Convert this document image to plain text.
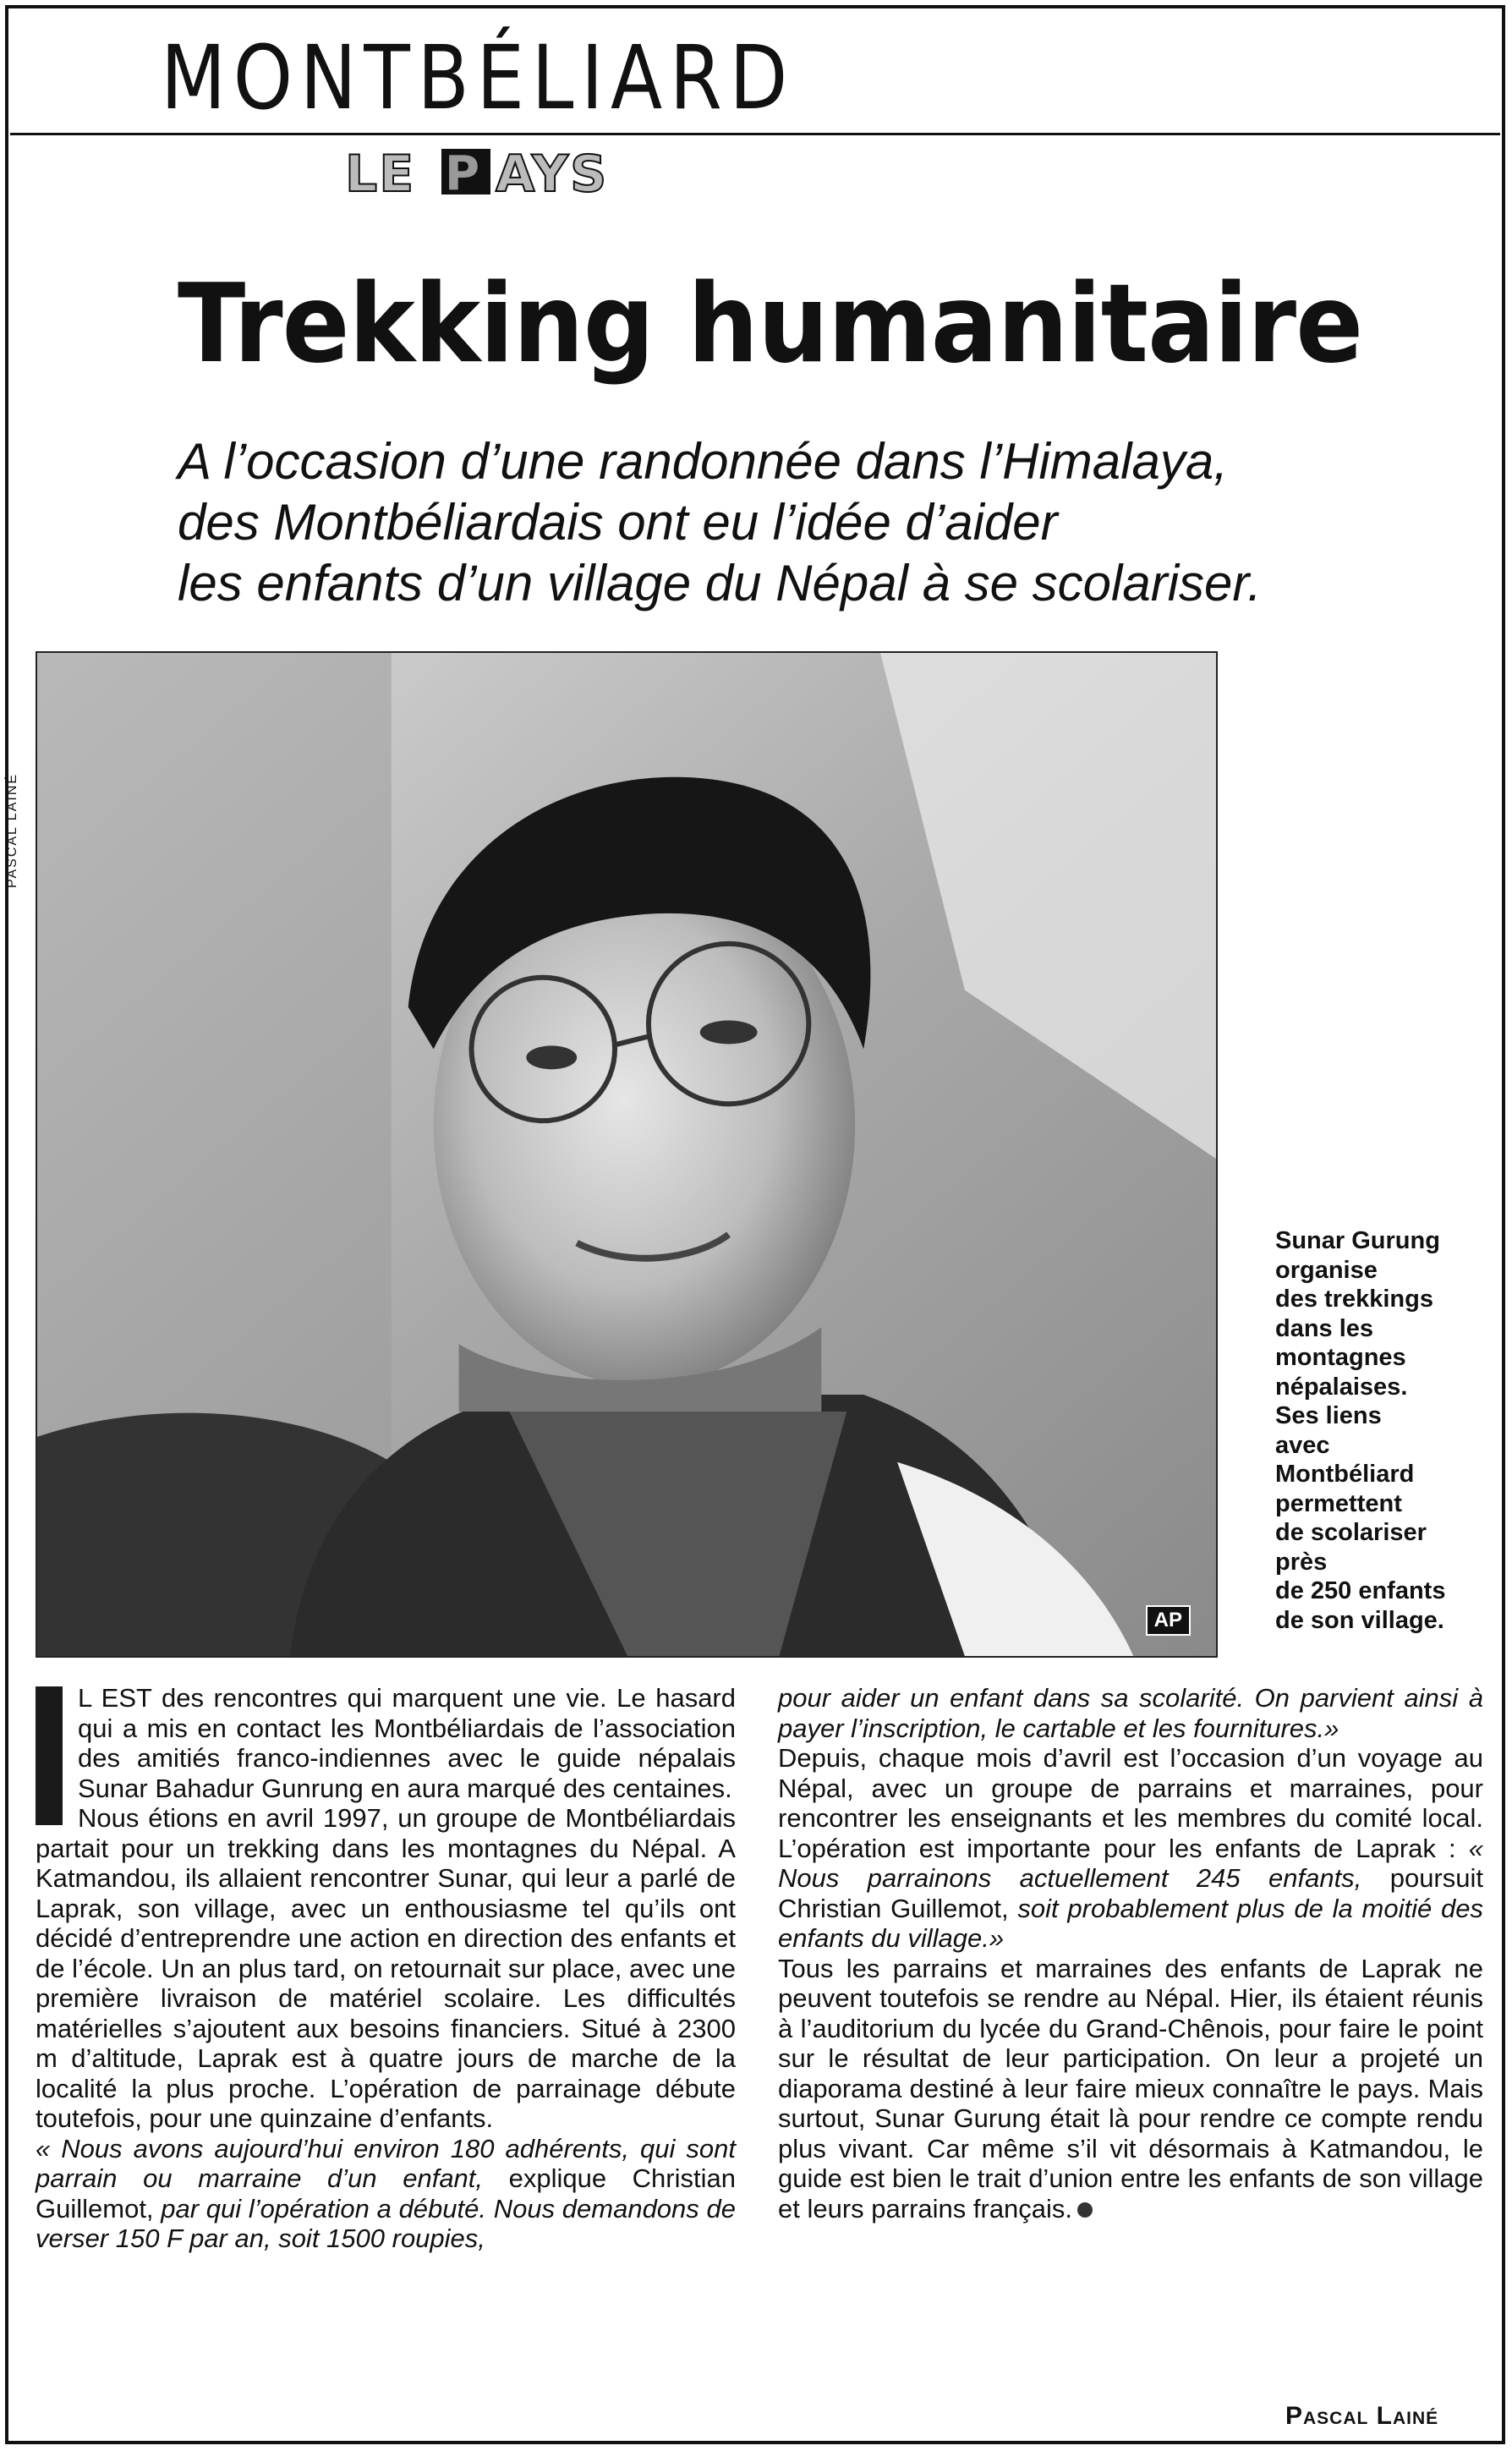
MONTBÉLIARD
LE P AYS
Trekking humanitaire
A l’occasion d’une randonnée dans l’Himalaya,
des Montbéliardais ont eu l’idée d’aider
les enfants d’un village du Népal à se scolariser.
PASCAL LAINÉ
AP
Sunar Gurung
organise
des trekkings
dans les
montagnes
népalaises.
Ses liens
avec
Montbéliard
permettent
de scolariser
près
de 250 enfants
de son village.

L EST des rencontres qui marquent une vie. Le hasard qui a mis en contact les Montbéliardais de l’association des amitiés franco-indiennes avec le guide népalais Sunar Bahadur Gunrung en aura marqué des centaines.

Nous étions en avril 1997, un groupe de Montbéliardais partait pour un trekking dans les montagnes du Népal. A Katmandou, ils allaient rencontrer Sunar, qui leur a parlé de Laprak, son village, avec un enthousiasme tel qu’ils ont décidé d’entreprendre une action en direction des enfants et de l’école. Un an plus tard, on retournait sur place, avec une première livraison de matériel scolaire. Les difficultés matérielles s’ajoutent aux besoins financiers. Situé à 2300 m d’altitude, Laprak est à quatre jours de marche de la localité la plus proche. L’opération de parrainage débute toutefois, pour une quinzaine d’enfants.

« Nous avons aujourd’hui environ 180 adhérents, qui sont parrain ou marraine d’un enfant, explique Christian Guillemot, par qui l’opération a débuté. Nous demandons de verser 150 F par an, soit 1500 roupies,

pour aider un enfant dans sa scolarité. On parvient ainsi à payer l’inscription, le cartable et les fournitures.»

Depuis, chaque mois d’avril est l’occasion d’un voyage au Népal, avec un groupe de parrains et marraines, pour rencontrer les enseignants et les membres du comité local. L’opération est importante pour les enfants de Laprak : « Nous parrainons actuellement 245 enfants, poursuit Christian Guillemot, soit probablement plus de la moitié des enfants du village.»

Tous les parrains et marraines des enfants de Laprak ne peuvent toutefois se rendre au Népal. Hier, ils étaient réunis à l’auditorium du lycée du Grand-Chênois, pour faire le point sur le résultat de leur participation. On leur a projeté un diaporama destiné à leur faire mieux connaître le pays. Mais surtout, Sunar Gurung était là pour rendre ce compte rendu plus vivant. Car même s’il vit désormais à Katmandou, le guide est bien le trait d’union entre les enfants de son village et leurs parrains français.

Pascal Lainé
